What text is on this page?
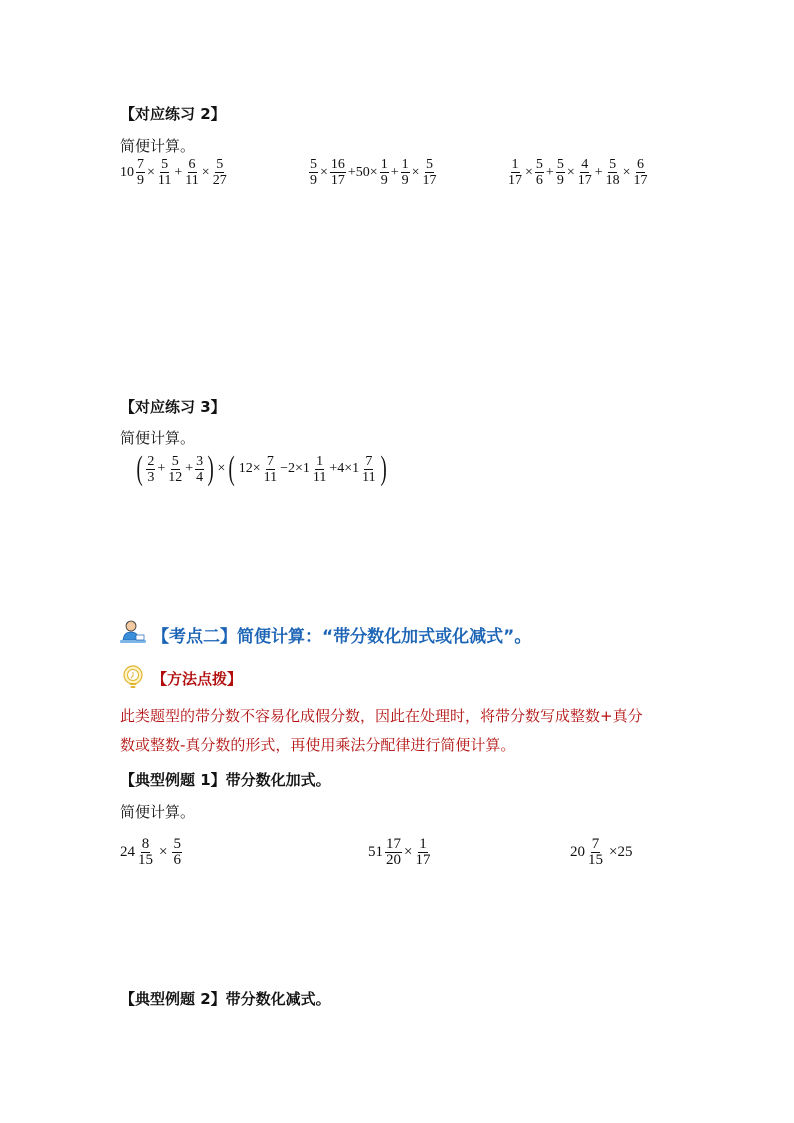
【对应练习 2】
简便计算。
$10 \frac{7}{9} \times \frac{5}{11} + \frac{6}{11} \times \frac{5}{27}$	$\frac{5}{9} \times \frac{16}{17} +50\times \frac{1}{9} + \frac{1}{9} \times \frac{5}{17}$	$\frac{1}{17} \times \frac{5}{6} + \frac{5}{9} \times \frac{4}{17} + \frac{5}{18} \times \frac{6}{17}$
【对应练习 3】
简便计算。
( $\frac{2}{3} + \frac{5}{12} + \frac{3}{4}$ ) × ( $12\times \frac{7}{11} -2\times 1 \frac{1}{11} +4\times 1 \frac{7}{11}$ )
【考点二】简便计算：“带分数化加式或化减式”。
【方法点拨】
此类题型的带分数不容易化成假分数，因此在处理时，将带分数写成整数+真分
数或整数-真分数的形式，再使用乘法分配律进行简便计算。
【典型例题 1】带分数化加式。
简便计算。
$24 \frac{8}{15} \times \frac{5}{6}$	$51 \frac{17}{20} \times \frac{1}{17}$	$20 \frac{7}{15} \times 25$
【典型例题 2】带分数化减式。
